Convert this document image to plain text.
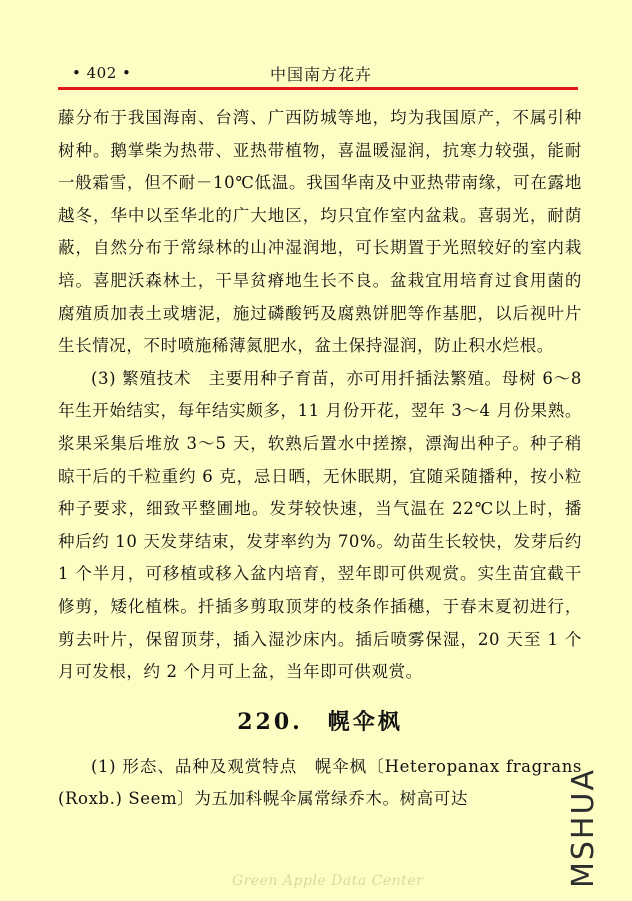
• 402 •	中国南方花卉

藤分布于我国海南、台湾、广西防城等地，均为我国原产，不属引种树种。鹅掌柴为热带、亚热带植物，喜温暖湿润，抗寒力较强，能耐一般霜雪，但不耐－10℃低温。我国华南及中亚热带南缘，可在露地越冬，华中以至华北的广大地区，均只宜作室内盆栽。喜弱光，耐荫蔽，自然分布于常绿林的山冲湿润地，可长期置于光照较好的室内栽培。喜肥沃森林土，干旱贫瘠地生长不良。盆栽宜用培育过食用菌的腐殖质加表土或塘泥，施过磷酸钙及腐熟饼肥等作基肥，以后视叶片生长情况，不时喷施稀薄氮肥水，盆土保持湿润，防止积水烂根。

(3) 繁殖技术　主要用种子育苗，亦可用扦插法繁殖。母树 6～8 年生开始结实，每年结实颇多，11 月份开花，翌年 3～4 月份果熟。浆果采集后堆放 3～5 天，软熟后置水中搓擦，漂淘出种子。种子稍晾干后的千粒重约 6 克，忌日晒，无休眠期，宜随采随播种，按小粒种子要求，细致平整圃地。发芽较快速，当气温在 22℃以上时，播种后约 10 天发芽结束，发芽率约为 70%。幼苗生长较快，发芽后约 1 个半月，可移植或移入盆内培育，翌年即可供观赏。实生苗宜截干修剪，矮化植株。扦插多剪取顶芽的枝条作插穗，于春末夏初进行，剪去叶片，保留顶芽，插入湿沙床内。插后喷雾保湿，20 天至 1 个月可发根，约 2 个月可上盆，当年即可供观赏。

220.　幌伞枫

(1) 形态、品种及观赏特点　幌伞枫〔Heteropanax fragrans (Roxb.) Seem〕为五加科幌伞属常绿乔木。树高可达

Green Apple Data Center	MSHUA
